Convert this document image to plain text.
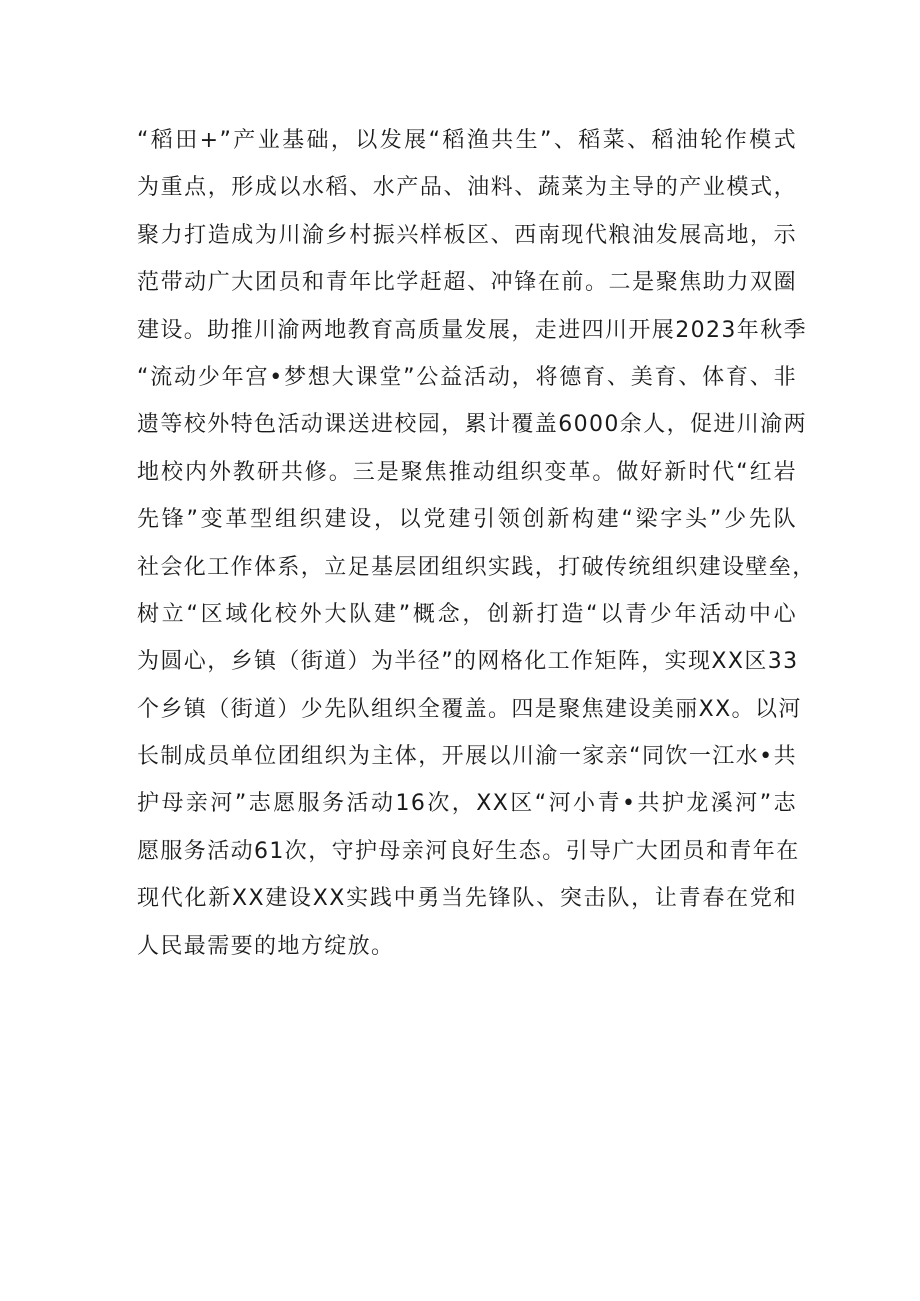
“稻田+”产业基础，以发展“稻渔共生”、稻菜、稻油轮作模式
为重点，形成以水稻、水产品、油料、蔬菜为主导的产业模式，
聚力打造成为川渝乡村振兴样板区、西南现代粮油发展高地，示
范带动广大团员和青年比学赶超、冲锋在前。二是聚焦助力双圈
建设。助推川渝两地教育高质量发展，走进四川开展2023年秋季
“流动少年宫•梦想大课堂”公益活动，将德育、美育、体育、非
遗等校外特色活动课送进校园，累计覆盖6000余人，促进川渝两
地校内外教研共修。三是聚焦推动组织变革。做好新时代“红岩
先锋”变革型组织建设，以党建引领创新构建“梁字头”少先队
社会化工作体系，立足基层团组织实践，打破传统组织建设壁垒，
树立“区域化校外大队建”概念，创新打造“以青少年活动中心
为圆心，乡镇（街道）为半径”的网格化工作矩阵，实现XX区33
个乡镇（街道）少先队组织全覆盖。四是聚焦建设美丽XX。以河
长制成员单位团组织为主体，开展以川渝一家亲“同饮一江水•共
护母亲河”志愿服务活动16次，XX区“河小青•共护龙溪河”志
愿服务活动61次，守护母亲河良好生态。引导广大团员和青年在
现代化新XX建设XX实践中勇当先锋队、突击队，让青春在党和
人民最需要的地方绽放。
